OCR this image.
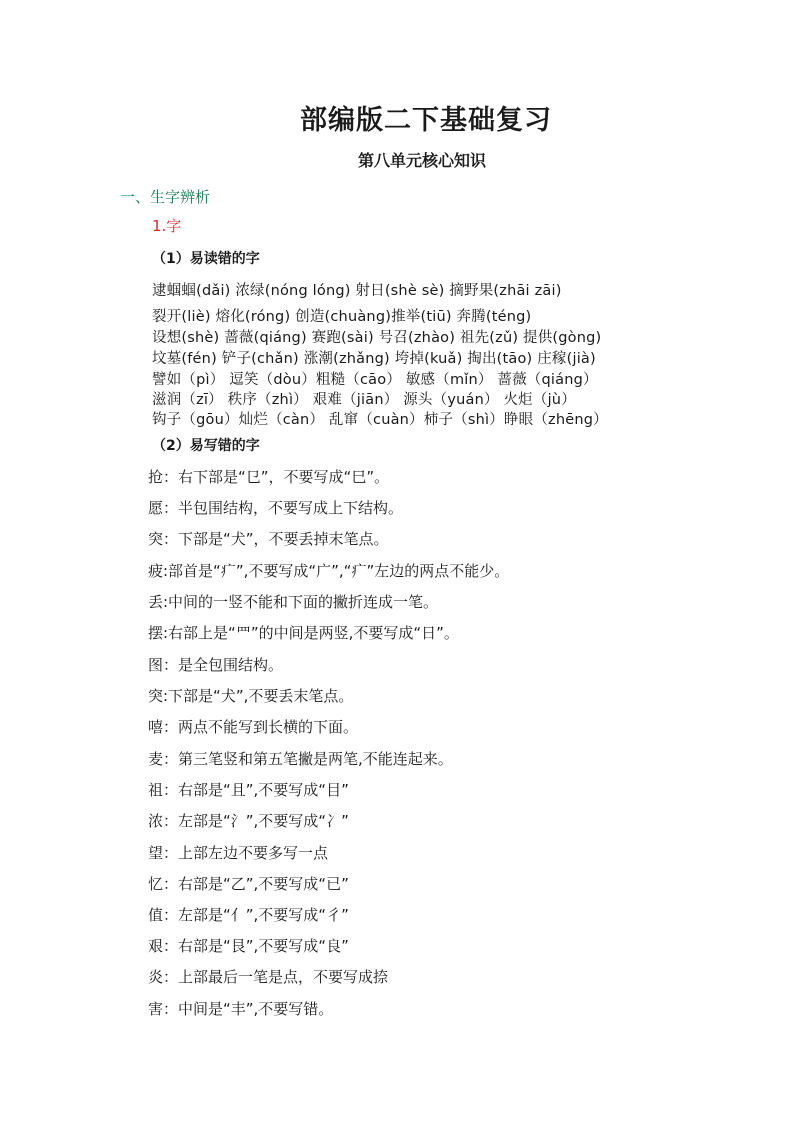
部编版二下基础复习
第八单元核心知识
一、生字辨析
1.字
（1）易读错的字
逮蝈蝈(dǎi) 浓绿(nóng lóng) 射日(shè sè) 摘野果(zhāi zāi)
裂开(liè) 熔化(róng) 创造(chuàng)推举(tiū) 奔腾(téng)
设想(shè) 蔷薇(qiáng) 赛跑(sài) 号召(zhào) 祖先(zǔ) 提供(gòng)
坟墓(fén) 铲子(chǎn) 涨潮(zhǎng) 垮掉(kuǎ) 掏出(tāo) 庄稼(jià)
譬如（pì） 逗笑（dòu）粗糙（cāo） 敏感（mǐn） 蔷薇（qiáng）
滋润（zī） 秩序（zhì） 艰难（jiān） 源头（yuán） 火炬（jù）
钩子（gōu）灿烂（càn） 乱窜（cuàn）柿子（shì）睁眼（zhēng）
（2）易写错的字
抢：右下部是“㔾”，不要写成“巳”。
愿：半包围结构，不要写成上下结构。
突：下部是“犬”，不要丢掉末笔点。
疲:部首是“疒”,不要写成“广”,“疒”左边的两点不能少。
丢:中间的一竖不能和下面的撇折连成一笔。
摆:右部上是“罒”的中间是两竖,不要写成“日”。
图：是全包围结构。
突:下部是“犬”,不要丢末笔点。
嘻：两点不能写到长横的下面。
麦：第三笔竖和第五笔撇是两笔,不能连起来。
祖：右部是“且”,不要写成“目”
浓：左部是“氵”,不要写成“冫”
望：上部左边不要多写一点
忆：右部是“乙”,不要写成“已”
值：左部是“亻”,不要写成“彳”
艰：右部是“艮”,不要写成“良”
炎：上部最后一笔是点，不要写成捺
害：中间是“丰”,不要写错。
